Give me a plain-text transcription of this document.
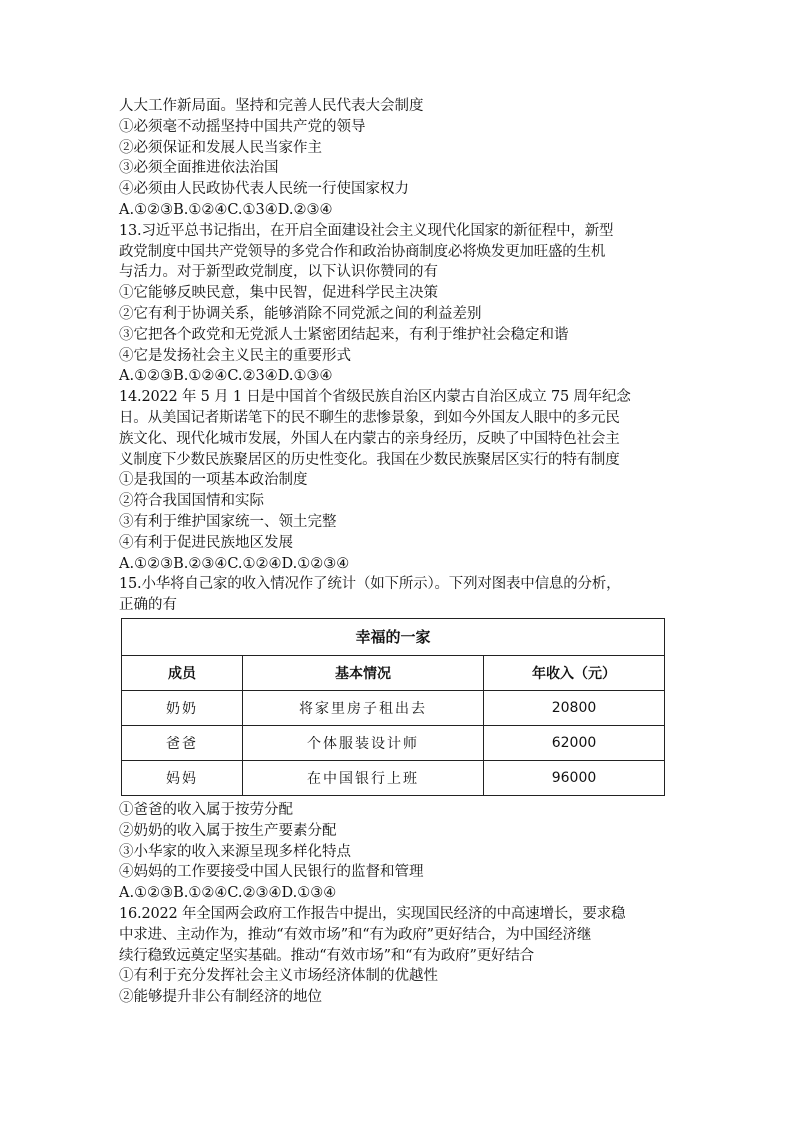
人大工作新局面。坚持和完善人民代表大会制度
①必须毫不动摇坚持中国共产党的领导
②必须保证和发展人民当家作主
③必须全面推进依法治国
④必须由人民政协代表人民统一行使国家权力
A.①②③B.①②④C.①3④D.②③④
13.习近平总书记指出，在开启全面建设社会主义现代化国家的新征程中，新型
政党制度中国共产党领导的多党合作和政治协商制度必将焕发更加旺盛的生机
与活力。对于新型政党制度，以下认识你赞同的有
①它能够反映民意，集中民智，促进科学民主决策
②它有利于协调关系，能够消除不同党派之间的利益差别
③它把各个政党和无党派人士紧密团结起来，有利于维护社会稳定和谐
④它是发扬社会主义民主的重要形式
A.①②③B.①②④C.②3④D.①③④
14.2022 年 5 月 1 日是中国首个省级民族自治区内蒙古自治区成立 75 周年纪念
日。从美国记者斯诺笔下的民不聊生的悲惨景象，到如今外国友人眼中的多元民
族文化、现代化城市发展，外国人在内蒙古的亲身经历，反映了中国特色社会主
义制度下少数民族聚居区的历史性变化。我国在少数民族聚居区实行的特有制度
①是我国的一项基本政治制度
②符合我国国情和实际
③有利于维护国家统一、领土完整
④有利于促进民族地区发展
A.①②③B.②③④C.①②④D.①②③④
15.小华将自己家的收入情况作了统计（如下所示）。下列对图表中信息的分析，
正确的有
幸福的一家		
成员	基本情况	年收入（元）
奶奶	将家里房子租出去	20800
爸爸	个体服装设计师	62000
妈妈	在中国银行上班	96000
①爸爸的收入属于按劳分配
②奶奶的收入属于按生产要素分配
③小华家的收入来源呈现多样化特点
④妈妈的工作要接受中国人民银行的监督和管理
A.①②③B.①②④C.②③④D.①③④
16.2022 年全国两会政府工作报告中提出，实现国民经济的中高速增长，要求稳
中求进、主动作为，推动“有效市场”和“有为政府”更好结合，为中国经济继
续行稳致远奠定坚实基础。推动“有效市场”和“有为政府”更好结合
①有利于充分发挥社会主义市场经济体制的优越性
②能够提升非公有制经济的地位
